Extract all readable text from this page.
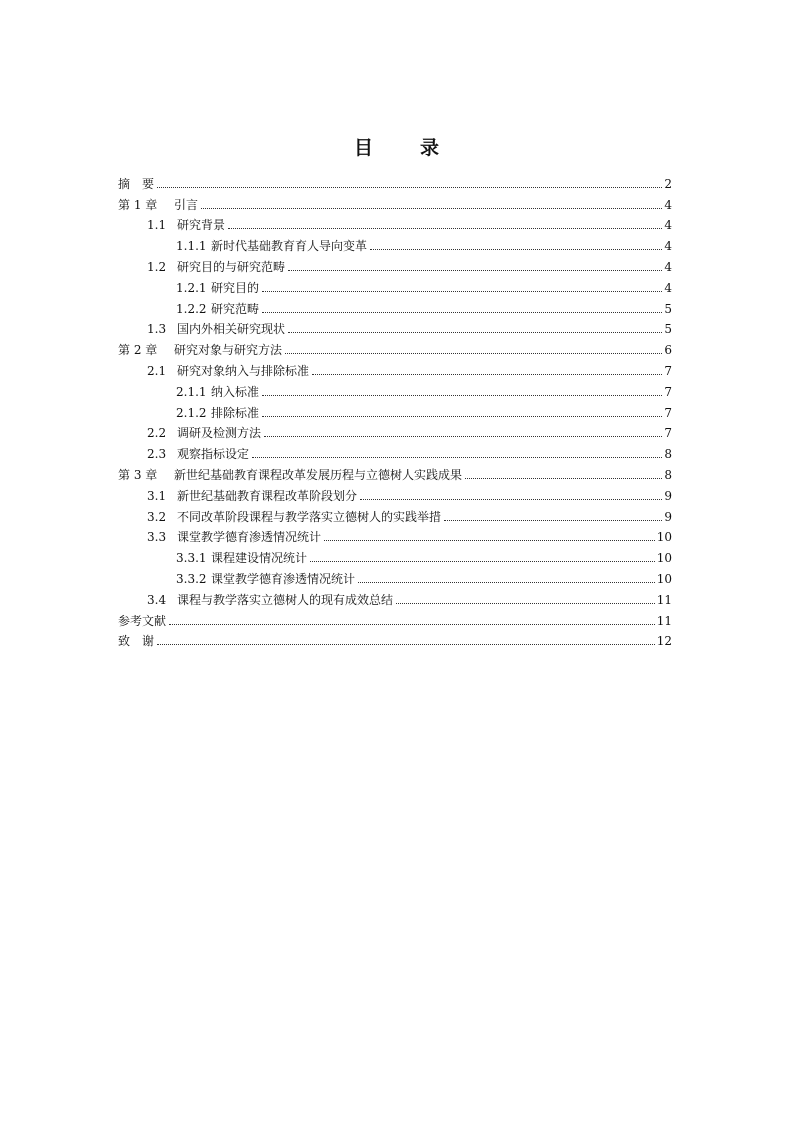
目　录
摘　要	2
第 1 章	引言	4
1.1 研究背景	4
1.1.1 新时代基础教育育人导向变革	4
1.2 研究目的与研究范畴	4
1.2.1 研究目的	4
1.2.2 研究范畴	5
1.3 国内外相关研究现状	5
第 2 章	研究对象与研究方法	6
2.1 研究对象纳入与排除标准	7
2.1.1 纳入标准	7
2.1.2 排除标准	7
2.2 调研及检测方法	7
2.3 观察指标设定	8
第 3 章	新世纪基础教育课程改革发展历程与立德树人实践成果	8
3.1 新世纪基础教育课程改革阶段划分	9
3.2 不同改革阶段课程与教学落实立德树人的实践举措	9
3.3 课堂教学德育渗透情况统计	10
3.3.1 课程建设情况统计	10
3.3.2 课堂教学德育渗透情况统计	10
3.4 课程与教学落实立德树人的现有成效总结	11
参考文献	11
致　谢	12
